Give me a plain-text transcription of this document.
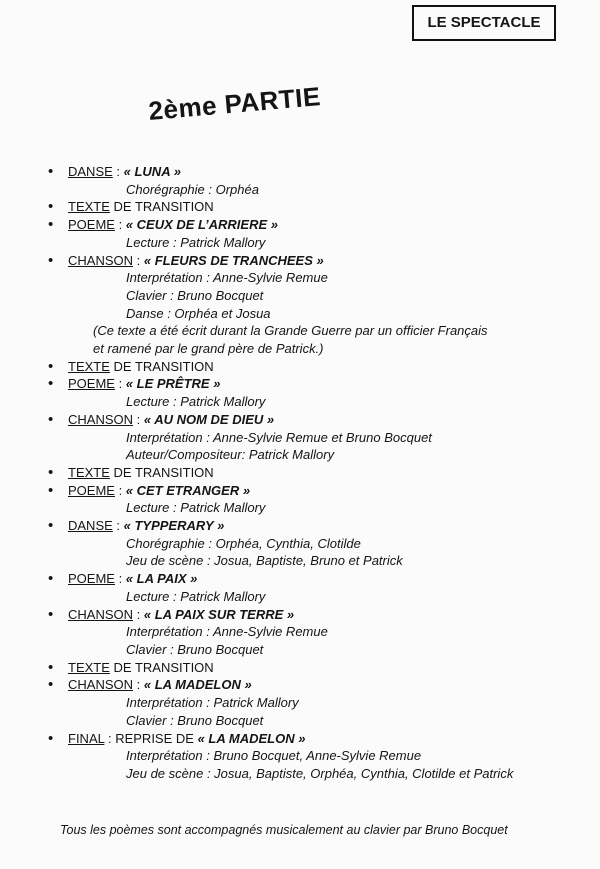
LE SPECTACLE
2ème PARTIE
• DANSE : « LUNA »
Chorégraphie : Orphéa
• TEXTE DE TRANSITION
• POEME : « CEUX DE L’ARRIERE »
Lecture : Patrick Mallory
• CHANSON : « FLEURS DE TRANCHEES »
Interprétation : Anne-Sylvie Remue
Clavier : Bruno Bocquet
Danse : Orphéa et Josua
(Ce texte a été écrit durant la Grande Guerre par un officier Français
et ramené par le grand père de Patrick.)
• TEXTE DE TRANSITION
• POEME : « LE PRÊTRE »
Lecture : Patrick Mallory
• CHANSON : « AU NOM DE DIEU »
Interprétation : Anne-Sylvie Remue et Bruno Bocquet
Auteur/Compositeur: Patrick Mallory
• TEXTE DE TRANSITION
• POEME : « CET ETRANGER »
Lecture : Patrick Mallory
• DANSE : « TYPPERARY »
Chorégraphie : Orphéa, Cynthia, Clotilde
Jeu de scène : Josua, Baptiste, Bruno et Patrick
• POEME : « LA PAIX »
Lecture : Patrick Mallory
• CHANSON : « LA PAIX SUR TERRE »
Interprétation : Anne-Sylvie Remue
Clavier : Bruno Bocquet
• TEXTE DE TRANSITION
• CHANSON : « LA MADELON »
Interprétation : Patrick Mallory
Clavier : Bruno Bocquet
• FINAL : REPRISE DE « LA MADELON »
Interprétation : Bruno Bocquet, Anne-Sylvie Remue
Jeu de scène : Josua, Baptiste, Orphéa, Cynthia, Clotilde et Patrick
Tous les poèmes sont accompagnés musicalement au clavier par Bruno Bocquet
